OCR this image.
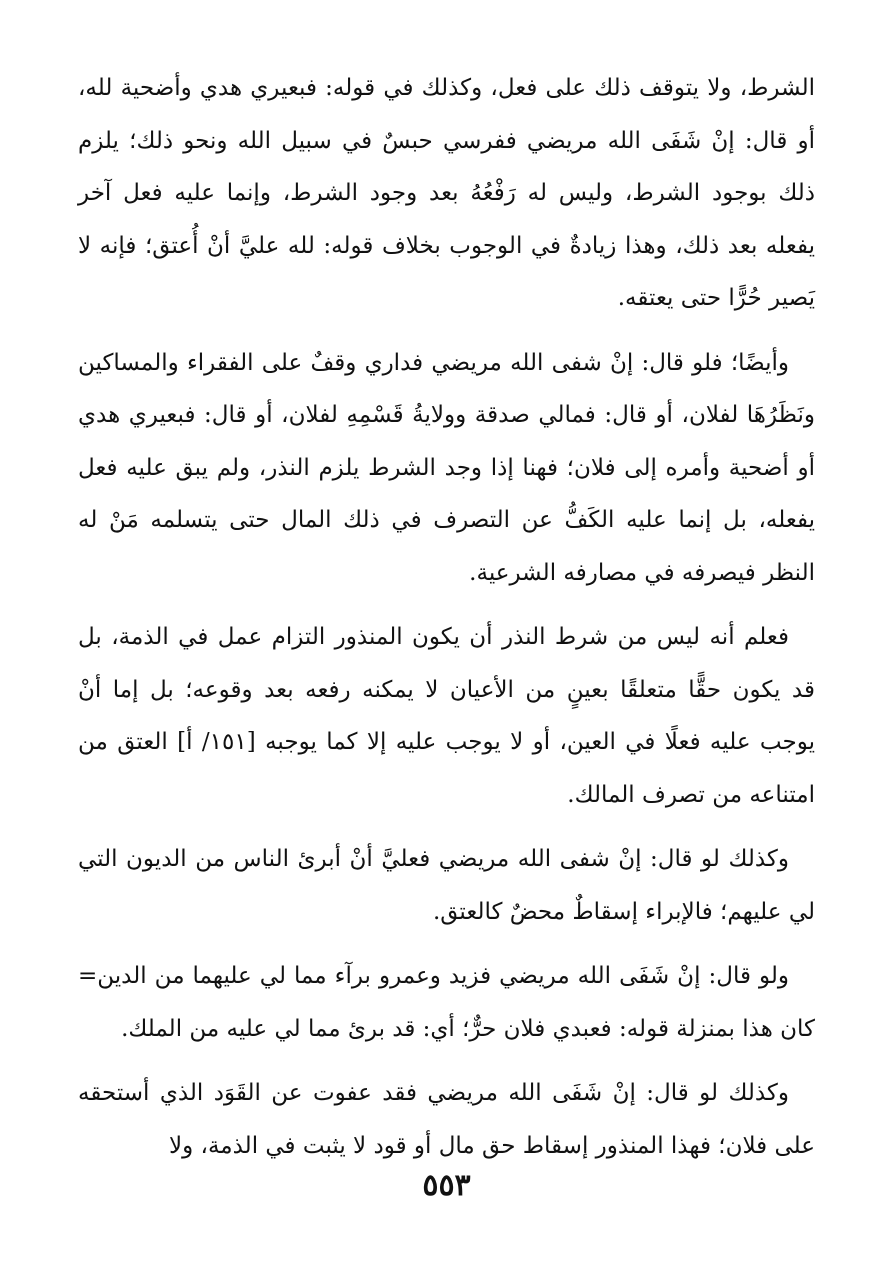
الشرط، ولا يتوقف ذلك على فعل، وكذلك في قوله: فبعيري هدي وأضحية لله، أو قال: إنْ شَفَى الله مريضي ففرسي حبسٌ في سبيل الله ونحو ذلك؛ يلزم ذلك بوجود الشرط، وليس له رَفْعُهُ بعد وجود الشرط، وإنما عليه فعل آخر يفعله بعد ذلك، وهذا زيادةٌ في الوجوب بخلاف قوله: لله عليَّ أنْ أُعتق؛ فإنه لا يَصير حُرًّا حتى يعتقه.

وأيضًا؛ فلو قال: إنْ شفى الله مريضي فداري وقفٌ على الفقراء والمساكين ونَظَرُهَا لفلان، أو قال: فمالي صدقة وولايةُ قَسْمِهِ لفلان، أو قال: فبعيري هدي أو أضحية وأمره إلى فلان؛ فهنا إذا وجد الشرط يلزم النذر، ولم يبق عليه فعل يفعله، بل إنما عليه الكَفُّ عن التصرف في ذلك المال حتى يتسلمه مَنْ له النظر فيصرفه في مصارفه الشرعية.

فعلم أنه ليس من شرط النذر أن يكون المنذور التزام عمل في الذمة، بل قد يكون حقًّا متعلقًا بعينٍ من الأعيان لا يمكنه رفعه بعد وقوعه؛ بل إما أنْ يوجب عليه فعلًا في العين، أو لا يوجب عليه إلا كما يوجبه [١٥١/ أ] العتق من امتناعه من تصرف المالك.

وكذلك لو قال: إنْ شفى الله مريضي فعليَّ أنْ أبرئ الناس من الديون التي لي عليهم؛ فالإبراء إسقاطٌ محضٌ كالعتق.

ولو قال: إنْ شَفَى الله مريضي فزيد وعمرو برآء مما لي عليهما من الدين= كان هذا بمنزلة قوله: فعبدي فلان حرٌّ؛ أي: قد برئ مما لي عليه من الملك.

وكذلك لو قال: إنْ شَفَى الله مريضي فقد عفوت عن القَوَد الذي أستحقه على فلان؛ فهذا المنذور إسقاط حق مال أو قود لا يثبت في الذمة، ولا

٥٥٣
